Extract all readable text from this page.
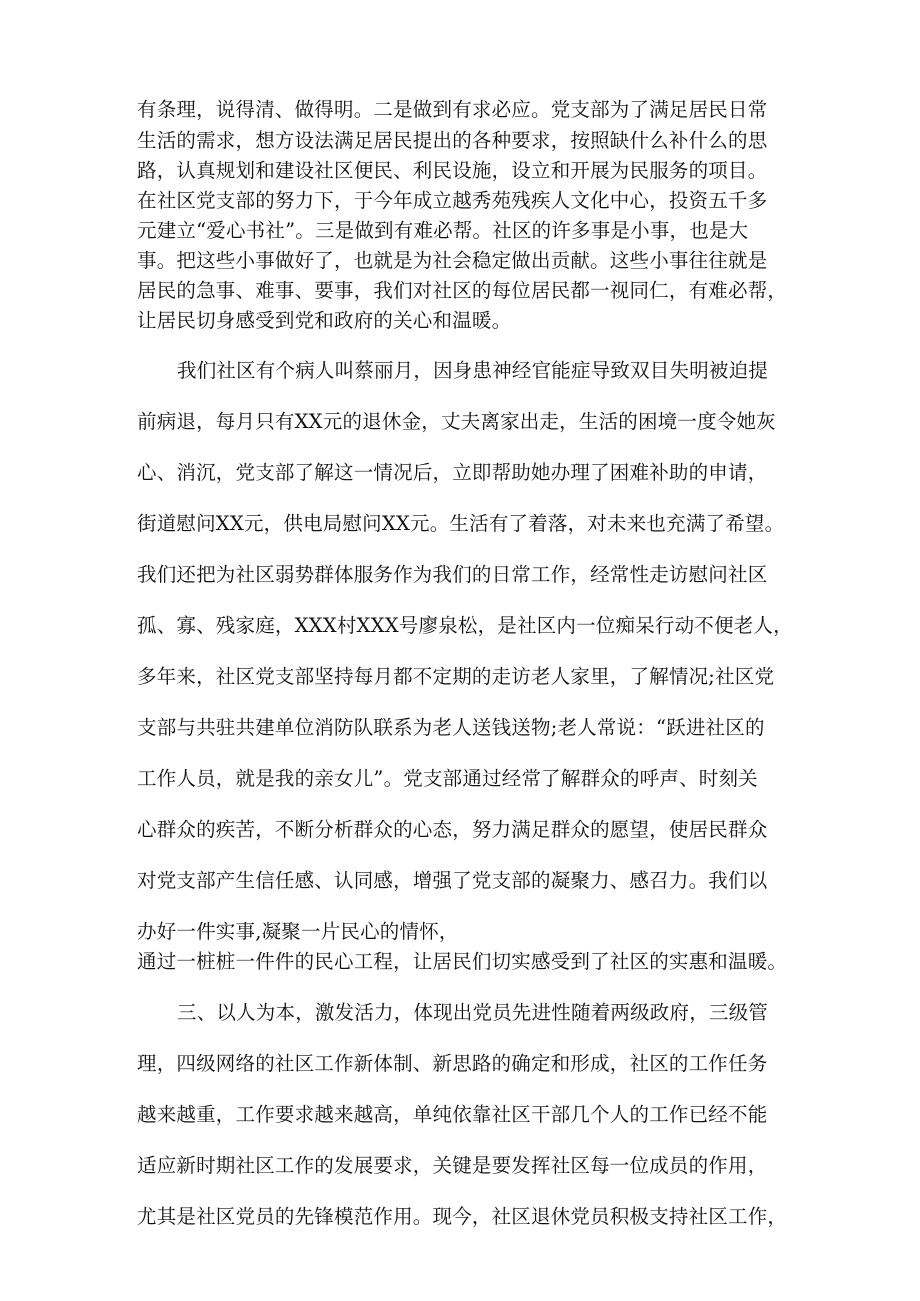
有条理，说得清、做得明。二是做到有求必应。党支部为了满足居民日常

生活的需求，想方设法满足居民提出的各种要求，按照缺什么补什么的思

路，认真规划和建设社区便民、利民设施，设立和开展为民服务的项目。

在社区党支部的努力下，于今年成立越秀苑残疾人文化中心，投资五千多

元建立“爱心书社”。三是做到有难必帮。社区的许多事是小事，也是大

事。把这些小事做好了，也就是为社会稳定做出贡献。这些小事往往就是

居民的急事、难事、要事，我们对社区的每位居民都一视同仁，有难必帮，

让居民切身感受到党和政府的关心和温暖。

我们社区有个病人叫蔡丽月，因身患神经官能症导致双目失明被迫提

前病退，每月只有XX元的退休金，丈夫离家出走，生活的困境一度令她灰

心、消沉，党支部了解这一情况后，立即帮助她办理了困难补助的申请，

街道慰问XX元，供电局慰问XX元。生活有了着落，对未来也充满了希望。

我们还把为社区弱势群体服务作为我们的日常工作，经常性走访慰问社区

孤、寡、残家庭，XXX村XXX号廖泉松，是社区内一位痴呆行动不便老人，

多年来，社区党支部坚持每月都不定期的走访老人家里，了解情况;社区党

支部与共驻共建单位消防队联系为老人送钱送物;老人常说：“跃进社区的

工作人员，就是我的亲女儿”。党支部通过经常了解群众的呼声、时刻关

心群众的疾苦，不断分析群众的心态，努力满足群众的愿望，使居民群众

对党支部产生信任感、认同感，增强了党支部的凝聚力、感召力。我们以

办好一件实事,凝聚一片民心的情怀，

通过一桩桩一件件的民心工程，让居民们切实感受到了社区的实惠和温暖。

三、以人为本，激发活力，体现出党员先进性随着两级政府，三级管

理，四级网络的社区工作新体制、新思路的确定和形成，社区的工作任务

越来越重，工作要求越来越高，单纯依靠社区干部几个人的工作已经不能

适应新时期社区工作的发展要求，关键是要发挥社区每一位成员的作用，

尤其是社区党员的先锋模范作用。现今，社区退休党员积极支持社区工作，
